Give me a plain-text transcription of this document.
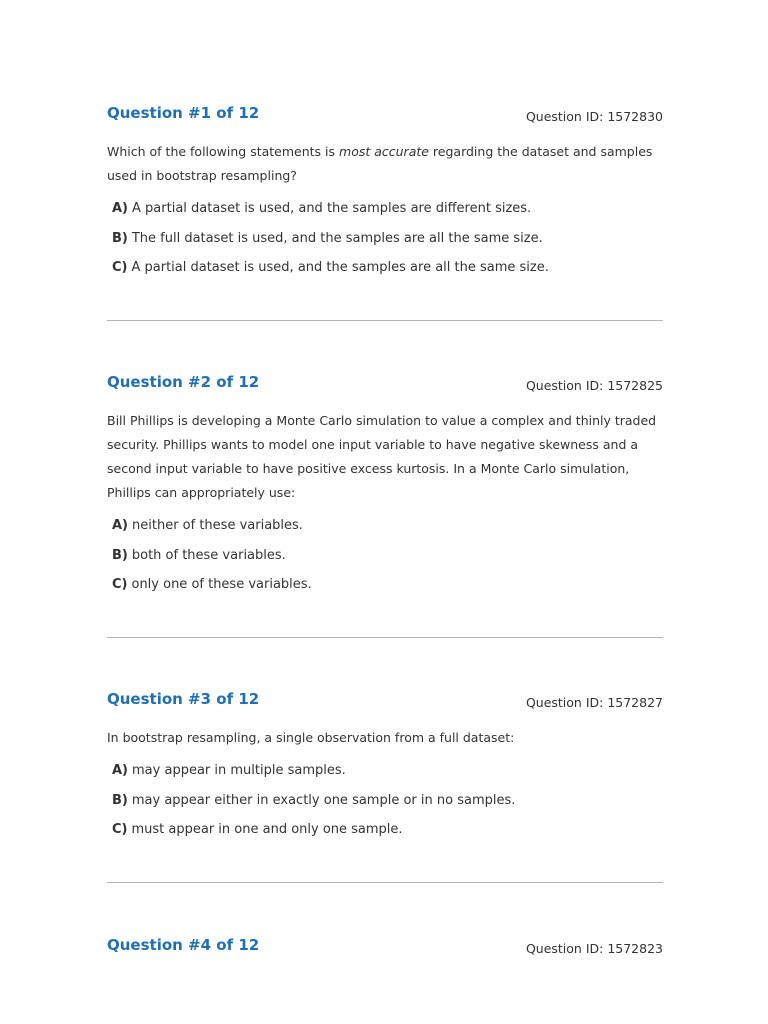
Question #1 of 12	Question ID: 1572830
Which of the following statements is most accurate regarding the dataset and samples used in bootstrap resampling?
A) A partial dataset is used, and the samples are different sizes.
B) The full dataset is used, and the samples are all the same size.
C) A partial dataset is used, and the samples are all the same size.
Question #2 of 12	Question ID: 1572825
Bill Phillips is developing a Monte Carlo simulation to value a complex and thinly traded security. Phillips wants to model one input variable to have negative skewness and a second input variable to have positive excess kurtosis. In a Monte Carlo simulation, Phillips can appropriately use:
A) neither of these variables.
B) both of these variables.
C) only one of these variables.
Question #3 of 12	Question ID: 1572827
In bootstrap resampling, a single observation from a full dataset:
A) may appear in multiple samples.
B) may appear either in exactly one sample or in no samples.
C) must appear in one and only one sample.
Question #4 of 12	Question ID: 1572823
